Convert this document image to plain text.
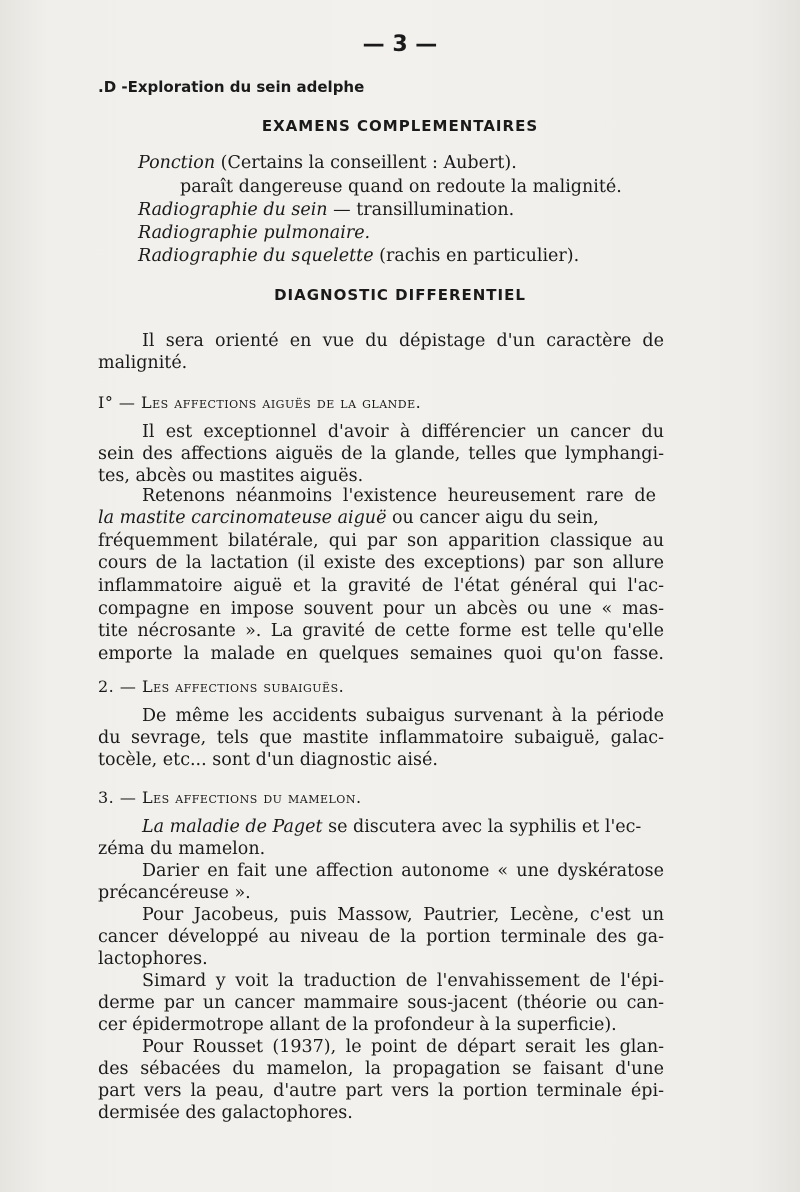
— 3 —
.D -Exploration du sein adelphe
EXAMENS COMPLEMENTAIRES
Ponction (Certains la conseillent : Aubert).
paraît dangereuse quand on redoute la malignité.
Radiographie du sein — transillumination.
Radiographie pulmonaire.
Radiographie du squelette (rachis en particulier).
DIAGNOSTIC DIFFERENTIEL
Il sera orienté en vue du dépistage d'un caractère de
malignité.
I° — Les affections aiguës de la glande.
Il est exceptionnel d'avoir à différencier un cancer du
sein des affections aiguës de la glande, telles que lymphangi-
tes, abcès ou mastites aiguës.
Retenons néanmoins l'existence heureusement rare de
la mastite carcinomateuse aiguë ou cancer aigu du sein,
fréquemment bilatérale, qui par son apparition classique au
cours de la lactation (il existe des exceptions) par son allure
inflammatoire aiguë et la gravité de l'état général qui l'ac-
compagne en impose souvent pour un abcès ou une « mas-
tite nécrosante ». La gravité de cette forme est telle qu'elle
emporte la malade en quelques semaines quoi qu'on fasse.
2. — Les affections subaiguës.
De même les accidents subaigus survenant à la période
du sevrage, tels que mastite inflammatoire subaiguë, galac-
tocèle, etc... sont d'un diagnostic aisé.
3. — Les affections du mamelon.
La maladie de Paget se discutera avec la syphilis et l'ec-
zéma du mamelon.
Darier en fait une affection autonome « une dyskératose
précancéreuse ».
Pour Jacobeus, puis Massow, Pautrier, Lecène, c'est un
cancer développé au niveau de la portion terminale des ga-
lactophores.
Simard y voit la traduction de l'envahissement de l'épi-
derme par un cancer mammaire sous-jacent (théorie ou can-
cer épidermotrope allant de la profondeur à la superficie).
Pour Rousset (1937), le point de départ serait les glan-
des sébacées du mamelon, la propagation se faisant d'une
part vers la peau, d'autre part vers la portion terminale épi-
dermisée des galactophores.
